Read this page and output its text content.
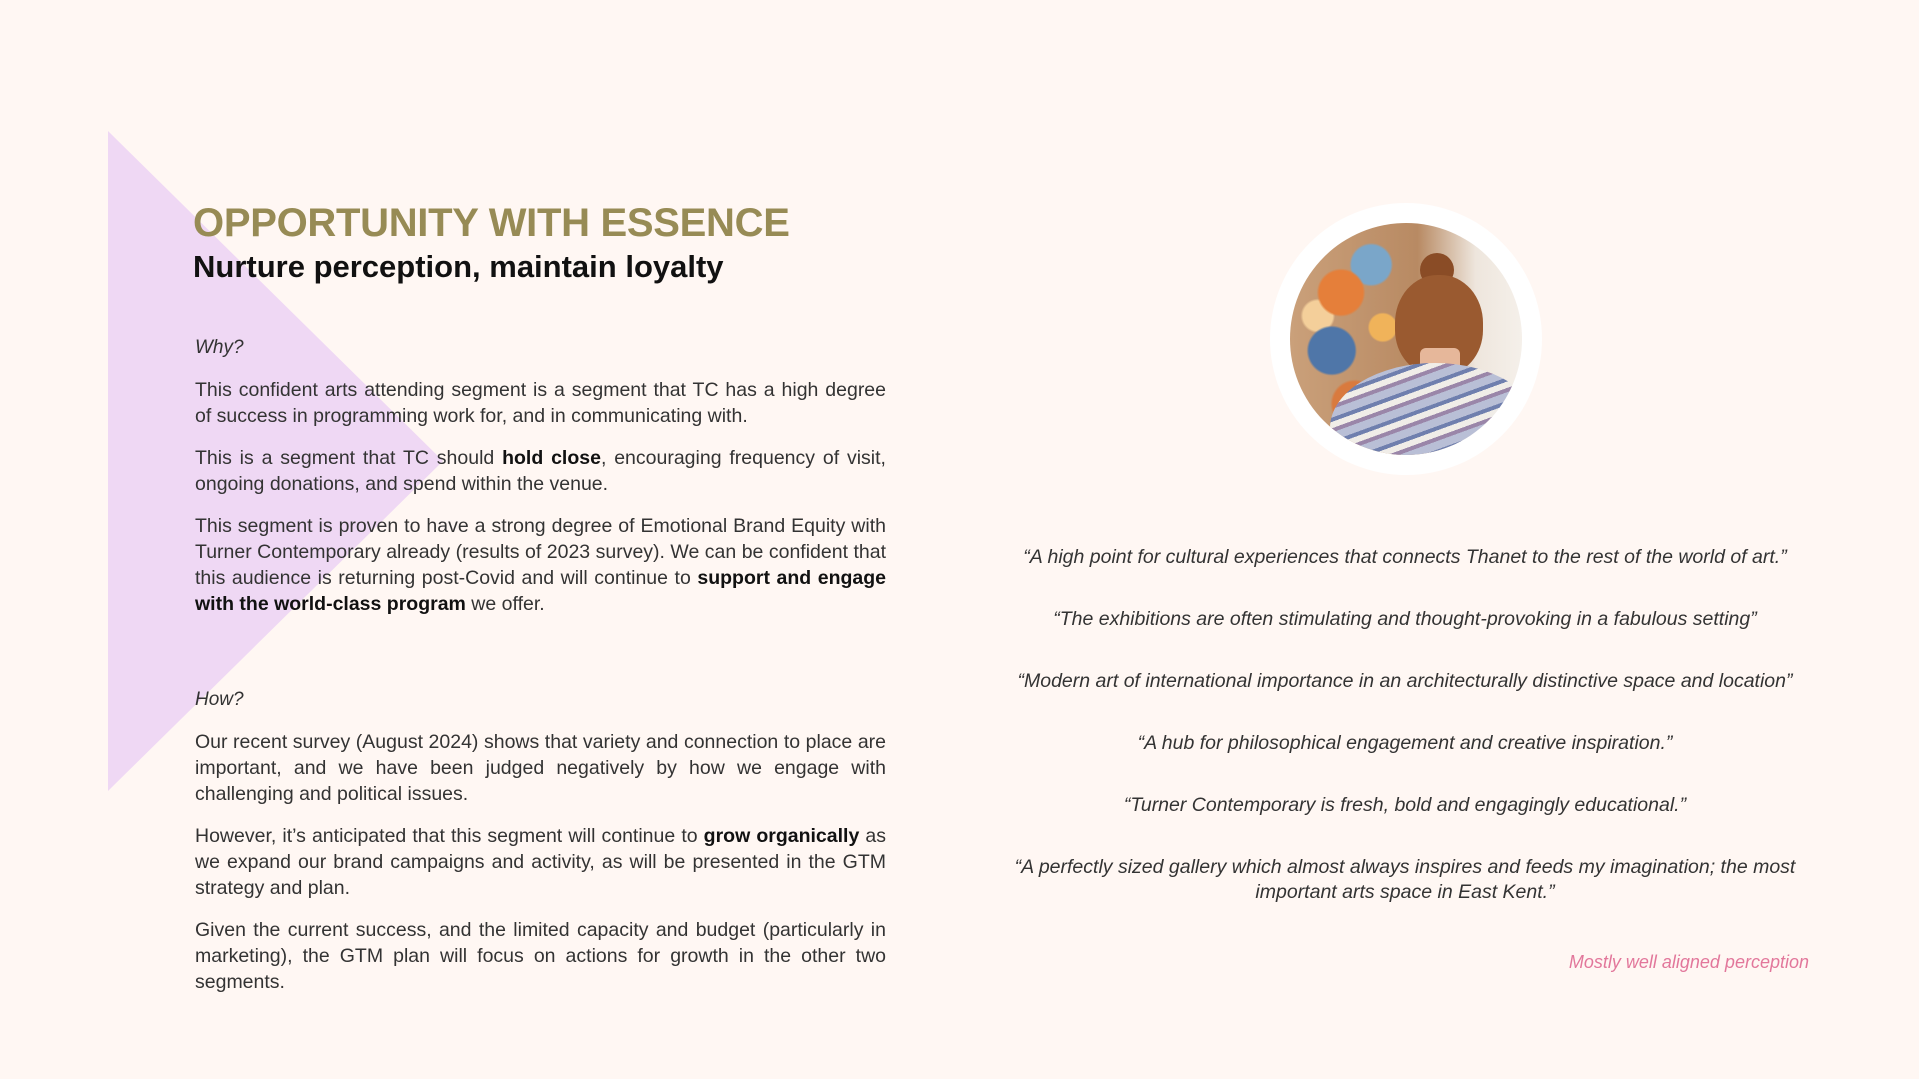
OPPORTUNITY WITH ESSENCE
Nurture perception, maintain loyalty
Why?

This confident arts attending segment is a segment that TC has a high degree of success in programming work for, and in communicating with.

This is a segment that TC should hold close, encouraging frequency of visit, ongoing donations, and spend within the venue.

This segment is proven to have a strong degree of Emotional Brand Equity with Turner Contemporary already (results of 2023 survey). We can be confident that this audience is returning post-Covid and will continue to support and engage with the world-class program we offer.

How?

Our recent survey (August 2024) shows that variety and connection to place are important, and we have been judged negatively by how we engage with challenging and political issues.

However, it’s anticipated that this segment will continue to grow organically as we expand our brand campaigns and activity, as will be presented in the GTM strategy and plan.

Given the current success, and the limited capacity and budget (particularly in marketing), the GTM plan will focus on actions for growth in the other two segments.

“A high point for cultural experiences that connects Thanet to the rest of the world of art.”

“The exhibitions are often stimulating and thought-provoking in a fabulous setting”

“Modern art of international importance in an architecturally distinctive space and location”

“A hub for philosophical engagement and creative inspiration.”

“Turner Contemporary is fresh, bold and engagingly educational.”

“A perfectly sized gallery which almost always inspires and feeds my imagination; the most important arts space in East Kent.”

Mostly well aligned perception
